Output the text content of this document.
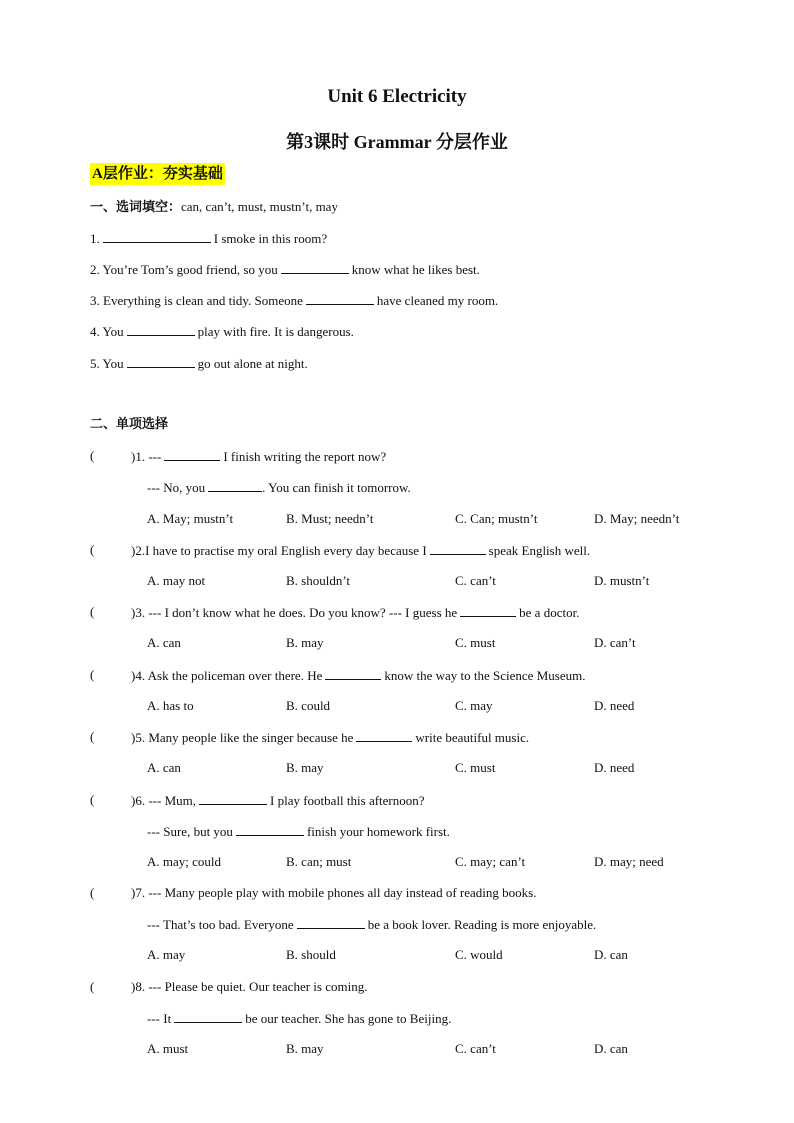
Unit 6 Electricity
第3课时 Grammar 分层作业
A层作业：夯实基础
一、选词填空：can, can’t, must, mustn’t, may
1.	I smoke in this room?
2. You’re Tom’s good friend, so you	know what he likes best.
3. Everything is clean and tidy. Someone	have cleaned my room.
4. You	play with fire. It is dangerous.
5. You	go out alone at night.
二、单项选择
(	)1. ---	I finish writing the report now?
--- No, you	. You can finish it tomorrow.
A. May; mustn’t	B. Must; needn’t	C. Can; mustn’t	D. May; needn’t
(	)2.I have to practise my oral English every day because I	speak English well.
A. may not	B. shouldn’t	C. can’t	D. mustn’t
(	)3. --- I don’t know what he does. Do you know? --- I guess he	be a doctor.
A. can	B. may	C. must	D. can’t
(	)4. Ask the policeman over there. He	know the way to the Science Museum.
A. has to	B. could	C. may	D. need
(	)5. Many people like the singer because he	write beautiful music.
A. can	B. may	C. must	D. need
(	)6. --- Mum,	I play football this afternoon?
--- Sure, but you	finish your homework first.
A. may; could	B. can; must	C. may; can’t	D. may; need
(	)7. --- Many people play with mobile phones all day instead of reading books.
--- That’s too bad. Everyone	be a book lover. Reading is more enjoyable.
A. may	B. should	C. would	D. can
(	)8. --- Please be quiet. Our teacher is coming.
--- It	be our teacher. She has gone to Beijing.
A. must	B. may	C. can’t	D. can
